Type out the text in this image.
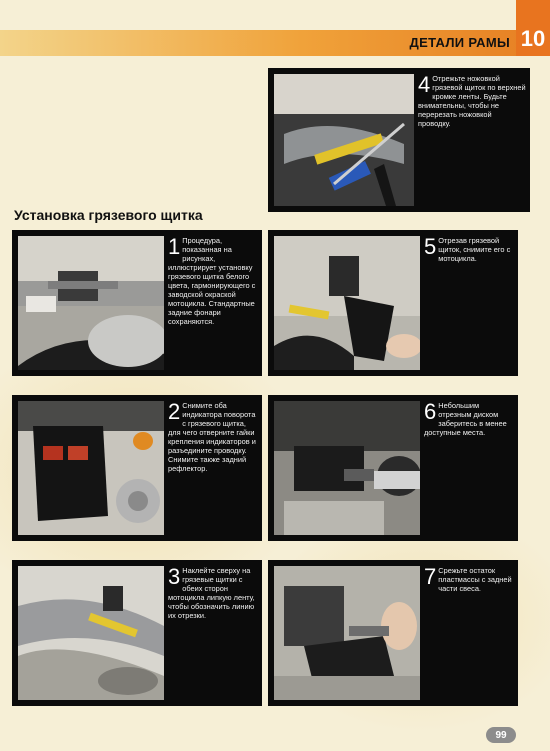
ДЕТАЛИ РАМЫ 10
Установка грязевого щитка
4 Отрежьте ножовкой грязевой щиток по верхней кромке ленты. Будьте внимательны, чтобы не перерезать ножовкой проводку.
1 Процедура, показанная на рисунках, иллюстрирует установку грязевого щитка белого цвета, гармонирующего с заводской окраской мотоцикла. Стандартные задние фонари сохраняются.
5 Отрезав грязевой щиток, снимите его с мотоцикла.
2 Снимите оба индикатора поворота с грязевого щитка, для чего отверните гайки крепления индикаторов и разъедините проводку. Снимите также задний рефлектор.
6 Небольшим отрезным диском заберитесь в менее доступные места.
3 Наклейте сверху на грязевые щитки с обеих сторон мотоцикла липкую ленту, чтобы обозначить линию их отрезки.
7 Срежьте остаток пластмассы с задней части свеса.
99
